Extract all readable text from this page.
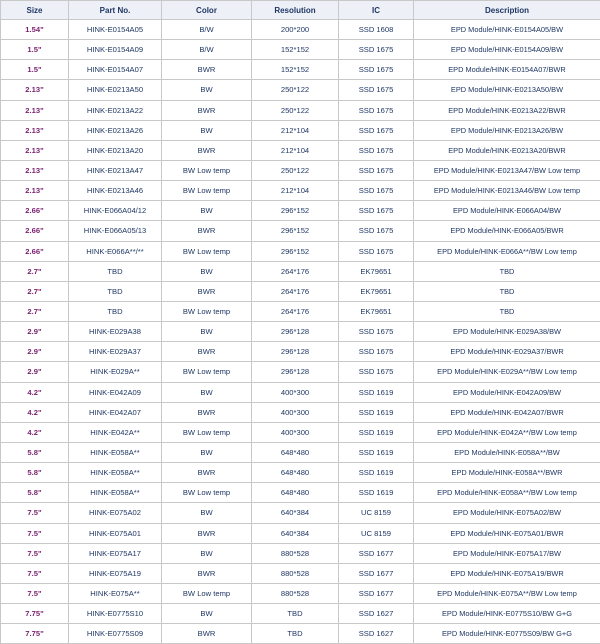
Size	Part No.	Color	Resolution	IC	Description
1.54"	HINK-E0154A05	B/W	200*200	SSD 1608	EPD Module/HINK-E0154A05/BW
1.5"	HINK-E0154A09	B/W	152*152	SSD 1675	EPD Module/HINK-E0154A09/BW
1.5"	HINK-E0154A07	BWR	152*152	SSD 1675	EPD Module/HINK-E0154A07/BWR
2.13"	HINK-E0213A50	BW	250*122	SSD 1675	EPD Module/HINK-E0213A50/BW
2.13"	HINK-E0213A22	BWR	250*122	SSD 1675	EPD Module/HINK-E0213A22/BWR
2.13"	HINK-E0213A26	BW	212*104	SSD 1675	EPD Module/HINK-E0213A26/BW
2.13"	HINK-E0213A20	BWR	212*104	SSD 1675	EPD Module/HINK-E0213A20/BWR
2.13"	HINK-E0213A47	BW Low temp	250*122	SSD 1675	EPD Module/HINK-E0213A47/BW Low temp
2.13"	HINK-E0213A46	BW Low temp	212*104	SSD 1675	EPD Module/HINK-E0213A46/BW Low temp
2.66"	HINK-E066A04/12	BW	296*152	SSD 1675	EPD Module/HINK-E066A04/BW
2.66"	HINK-E066A05/13	BWR	296*152	SSD 1675	EPD Module/HINK-E066A05/BWR
2.66"	HINK-E066A**/**	BW Low temp	296*152	SSD 1675	EPD Module/HINK-E066A**/BW Low temp
2.7"	TBD	BW	264*176	EK79651	TBD
2.7"	TBD	BWR	264*176	EK79651	TBD
2.7"	TBD	BW Low temp	264*176	EK79651	TBD
2.9"	HINK-E029A38	BW	296*128	SSD 1675	EPD Module/HINK-E029A38/BW
2.9"	HINK-E029A37	BWR	296*128	SSD 1675	EPD Module/HINK-E029A37/BWR
2.9"	HINK-E029A**	BW Low temp	296*128	SSD 1675	EPD Module/HINK-E029A**/BW Low temp
4.2"	HINK-E042A09	BW	400*300	SSD 1619	EPD Module/HINK-E042A09/BW
4.2"	HINK-E042A07	BWR	400*300	SSD 1619	EPD Module/HINK-E042A07/BWR
4.2"	HINK-E042A**	BW Low temp	400*300	SSD 1619	EPD Module/HINK-E042A**/BW Low temp
5.8"	HINK-E058A**	BW	648*480	SSD 1619	EPD Module/HINK-E058A**/BW
5.8"	HINK-E058A**	BWR	648*480	SSD 1619	EPD Module/HINK-E058A**/BWR
5.8"	HINK-E058A**	BW Low temp	648*480	SSD 1619	EPD Module/HINK-E058A**/BW Low temp
7.5"	HINK-E075A02	BW	640*384	UC 8159	EPD Module/HINK-E075A02/BW
7.5"	HINK-E075A01	BWR	640*384	UC 8159	EPD Module/HINK-E075A01/BWR
7.5"	HINK-E075A17	BW	880*528	SSD 1677	EPD Module/HINK-E075A17/BW
7.5"	HINK-E075A19	BWR	880*528	SSD 1677	EPD Module/HINK-E075A19/BWR
7.5"	HINK-E075A**	BW Low temp	880*528	SSD 1677	EPD Module/HINK-E075A**/BW Low temp
7.75"	HINK-E0775S10	BW	TBD	SSD 1627	EPD Module/HINK-E0775S10/BW G+G
7.75"	HINK-E0775S09	BWR	TBD	SSD 1627	EPD Module/HINK-E0775S09/BW G+G
